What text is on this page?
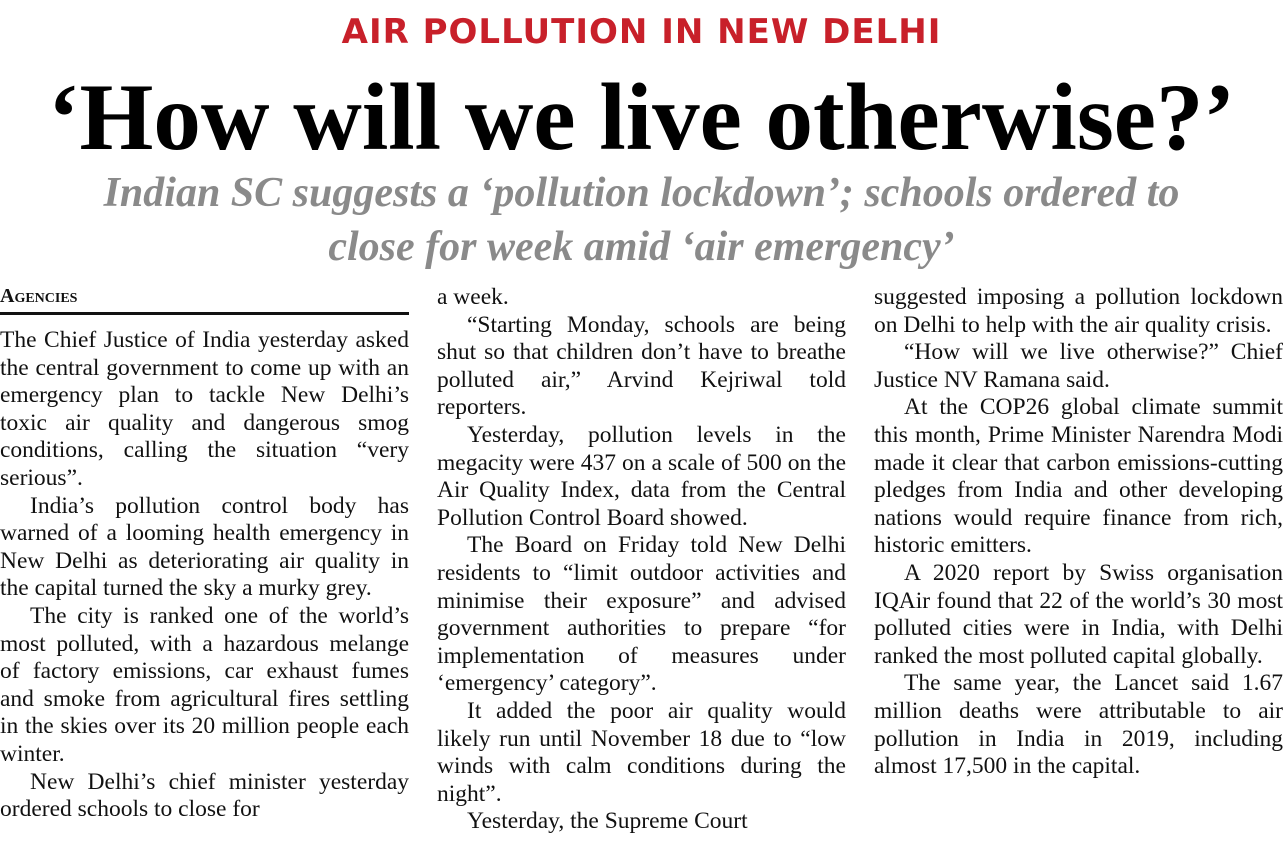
AIR POLLUTION IN NEW DELHI
‘How will we live otherwise?’
Indian SC suggests a ‘pollution lockdown’; schools ordered to close for week amid ‘air emergency’
Agencies

The Chief Justice of India yesterday asked the central government to come up with an emergency plan to tackle New Delhi’s toxic air quality and dangerous smog conditions, calling the situation “very serious”.

India’s pollution control body has warned of a looming health emergency in New Delhi as deteriorating air quality in the capital turned the sky a murky grey.

The city is ranked one of the world’s most polluted, with a hazardous melange of factory emissions, car exhaust fumes and smoke from agricultural fires settling in the skies over its 20 million people each winter.

New Delhi’s chief minister yesterday ordered schools to close for

a week.

“Starting Monday, schools are being shut so that children don’t have to breathe polluted air,” Arvind Kejriwal told reporters.

Yesterday, pollution levels in the megacity were 437 on a scale of 500 on the Air Quality Index, data from the Central Pollution Control Board showed.

The Board on Friday told New Delhi residents to “limit outdoor activities and minimise their exposure” and advised government authorities to prepare “for implementation of measures under ‘emergency’ category”.

It added the poor air quality would likely run until November 18 due to “low winds with calm conditions during the night”.

Yesterday, the Supreme Court

suggested imposing a pollution lockdown on Delhi to help with the air quality crisis.

“How will we live otherwise?” Chief Justice NV Ramana said.

At the COP26 global climate summit this month, Prime Minister Narendra Modi made it clear that carbon emissions-cutting pledges from India and other developing nations would require finance from rich, historic emitters.

A 2020 report by Swiss organisation IQAir found that 22 of the world’s 30 most polluted cities were in India, with Delhi ranked the most polluted capital globally.

The same year, the Lancet said 1.67 million deaths were attributable to air pollution in India in 2019, including almost 17,500 in the capital.
